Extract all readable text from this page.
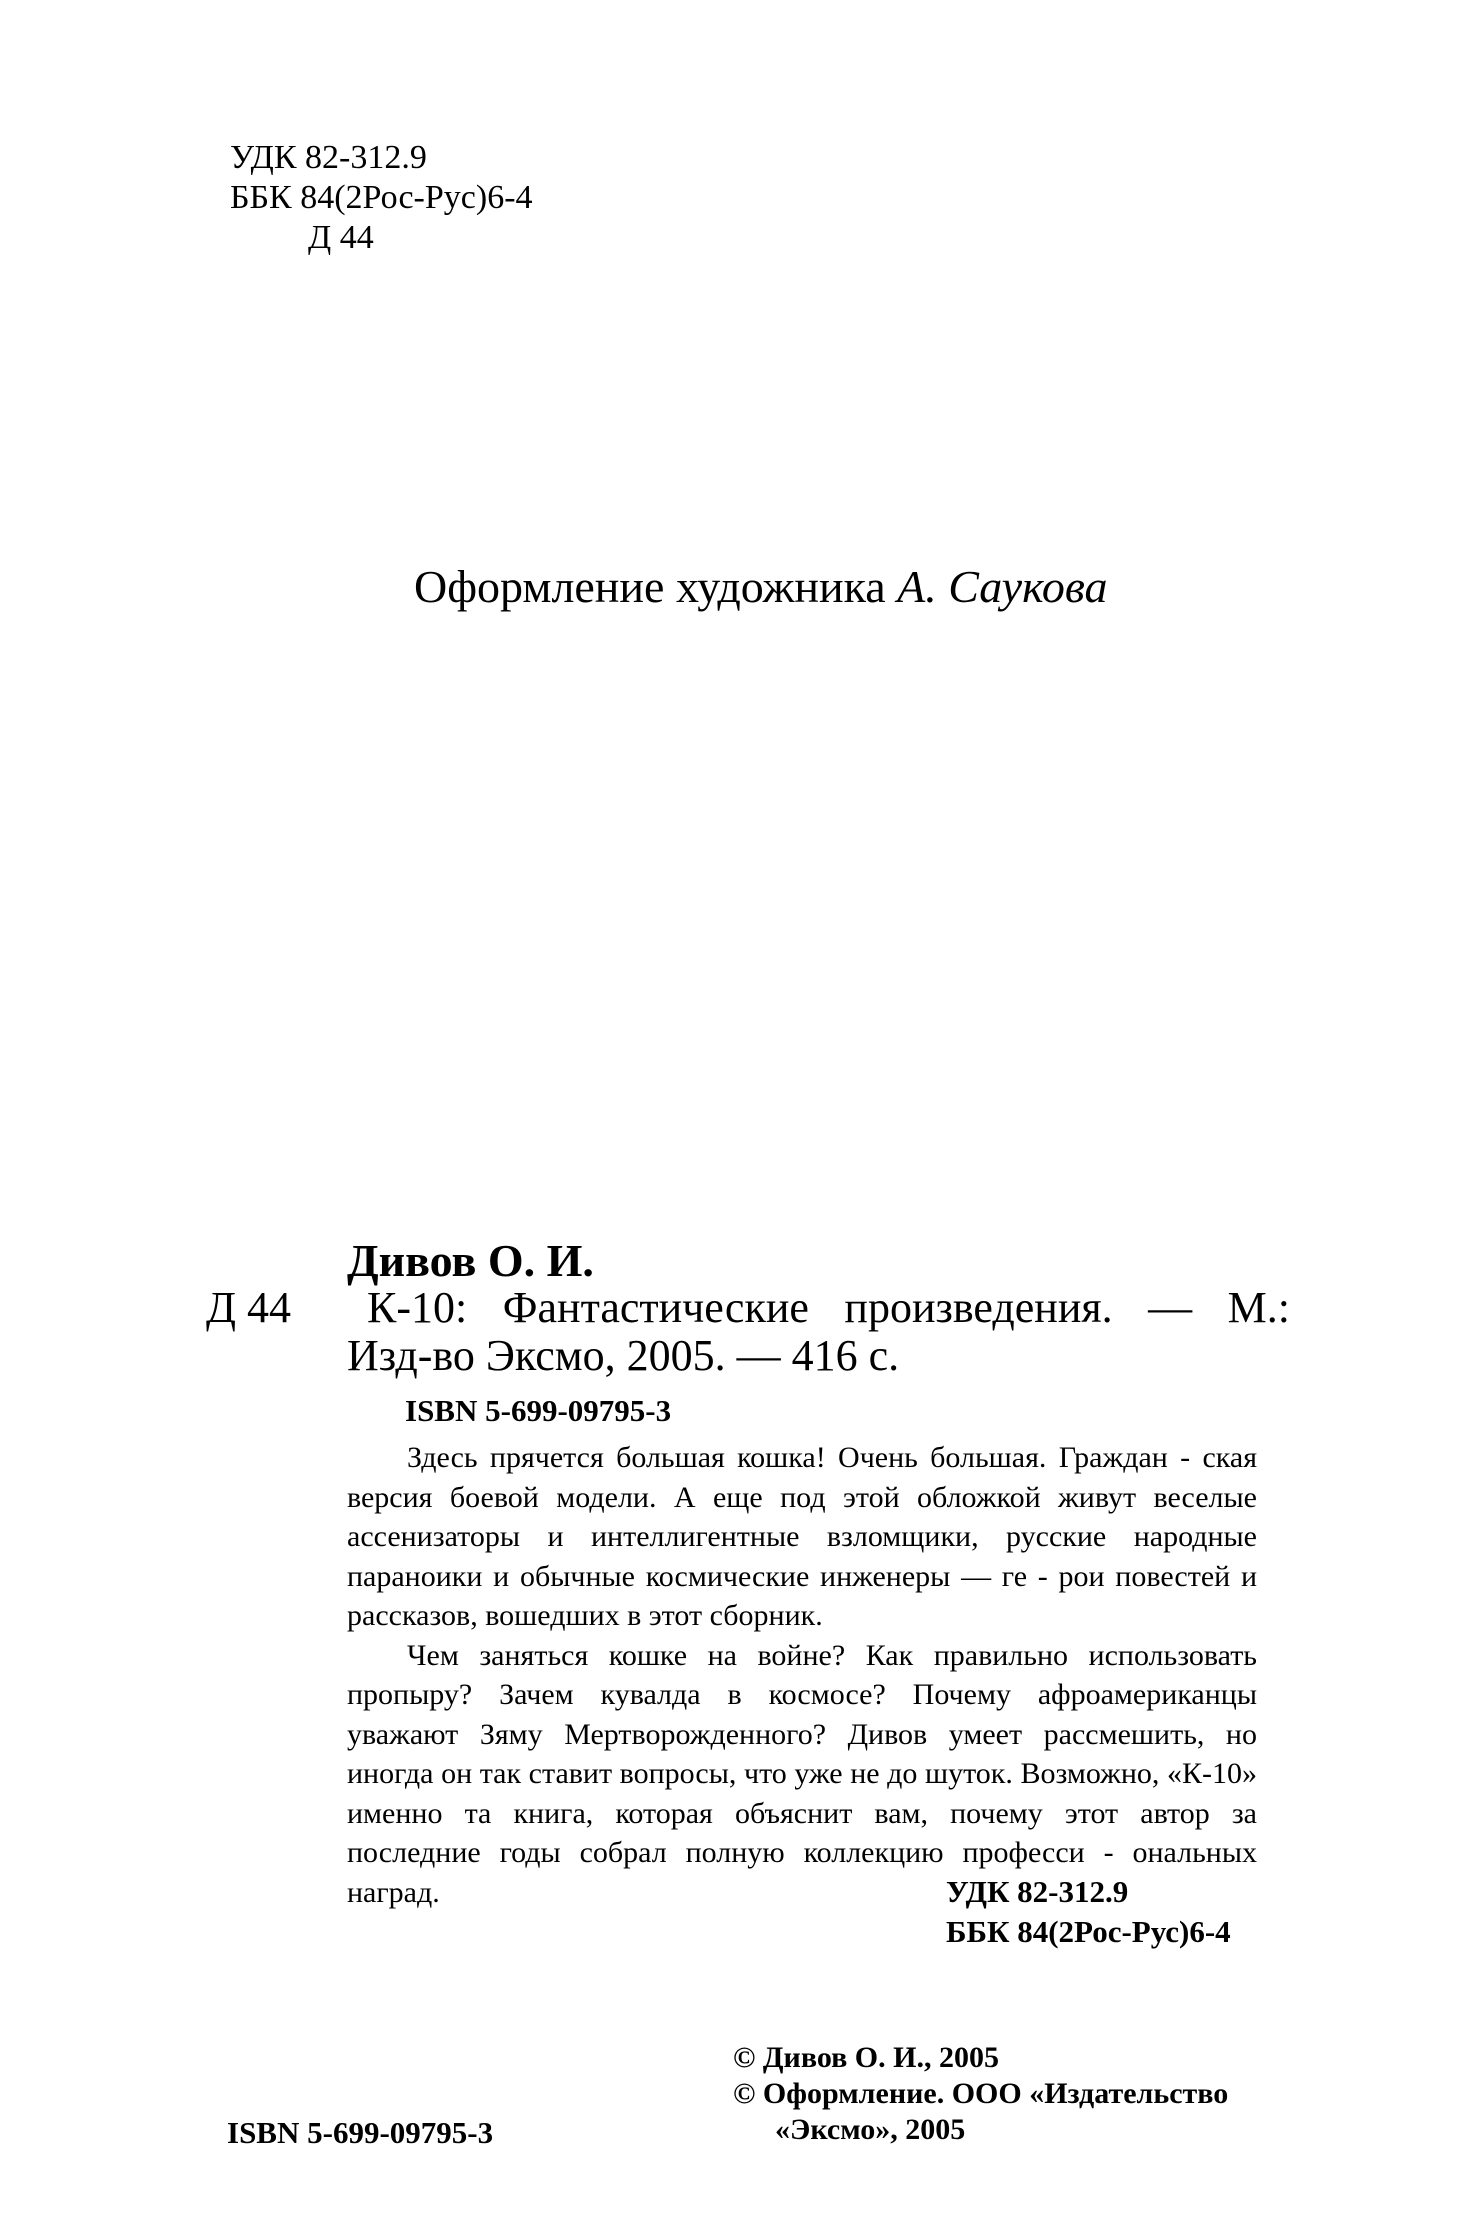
УДК 82-312.9
ББК 84(2Рос-Рус)6-4
Д 44
Оформление художника А. Саукова
Дивов О. И.
Д 44 К-10: Фантастические произведения. — М.:
Изд-во Эксмо, 2005. — 416 с.
ISBN 5-699-09795-3

Здесь прячется большая кошка! Очень большая. Граждан - ская версия боевой модели. А еще под этой обложкой живут веселые ассенизаторы и интеллигентные взломщики, русские народные параноики и обычные космические инженеры — ге - рои повестей и рассказов, вошедших в этот сборник.

Чем заняться кошке на войне? Как правильно использовать пропыру? Зачем кувалда в космосе? Почему афроамериканцы уважают Зяму Мертворожденного? Дивов умеет рассмешить, но иногда он так ставит вопросы, что уже не до шуток. Возможно, «К-10» именно та книга, которая объяснит вам, почему этот автор за последние годы собрал полную коллекцию професси - ональных наград.	УДК 82-312.9
ББК 84(2Рос-Рус)6-4
© Дивов О. И., 2005
© Оформление. ООО «Издательство
«Эксмо», 2005
ISBN 5-699-09795-3
